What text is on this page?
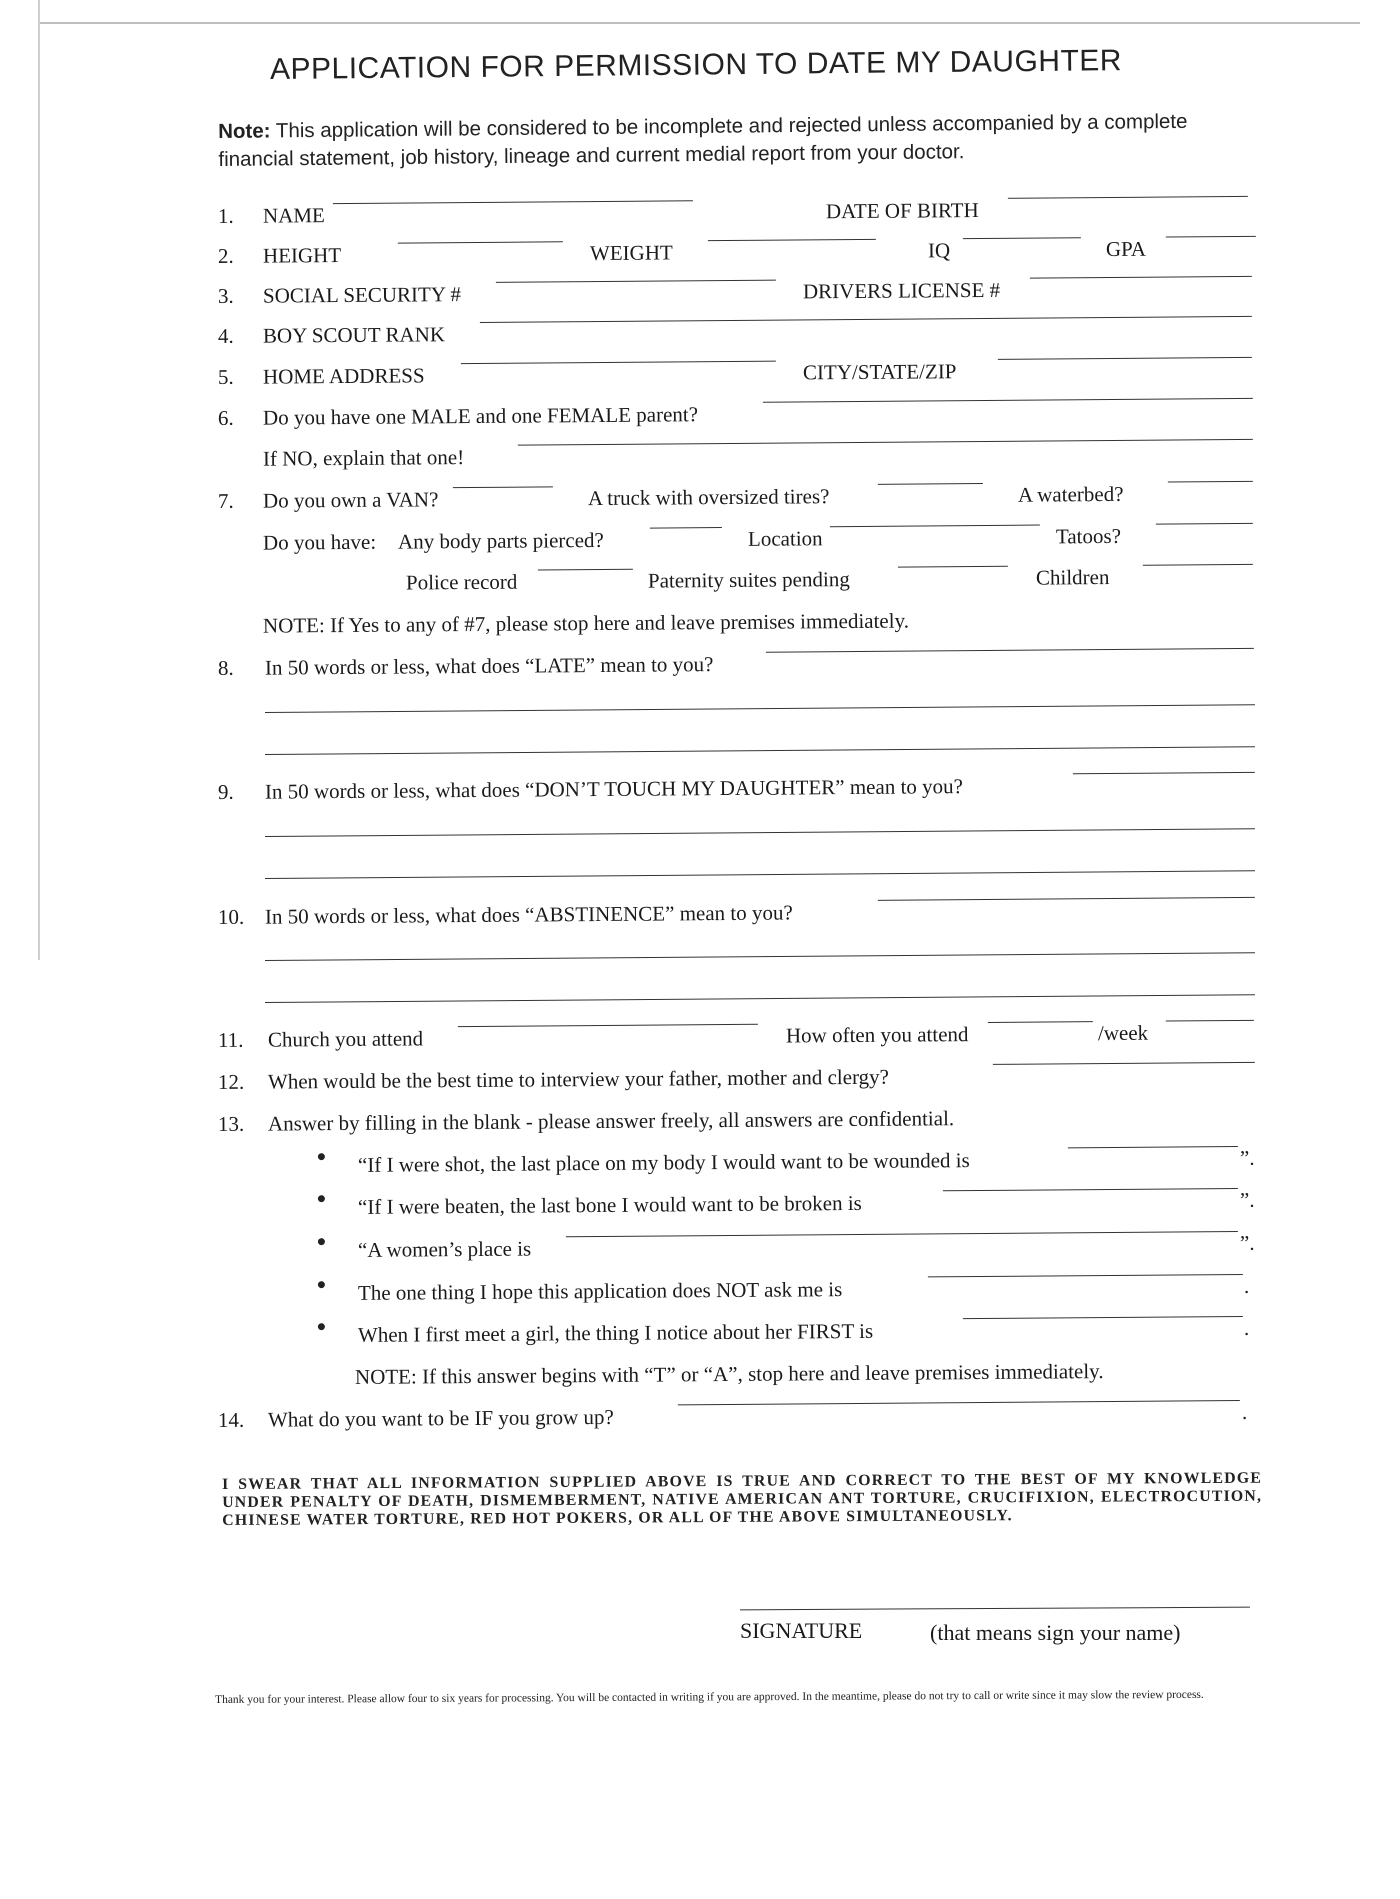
APPLICATION FOR PERMISSION TO DATE MY DAUGHTER
Note: This application will be considered to be incomplete and rejected unless accompanied by a complete financial statement, job history, lineage and current medial report from your doctor.
1. NAME	DATE OF BIRTH
2. HEIGHT	WEIGHT	IQ	GPA
3. SOCIAL SECURITY #	DRIVERS LICENSE #
4. BOY SCOUT RANK
5. HOME ADDRESS	CITY/STATE/ZIP
6. Do you have one MALE and one FEMALE parent?
If NO, explain that one!
7. Do you own a VAN?	A truck with oversized tires?	A waterbed?
Do you have: Any body parts pierced?	Location	Tatoos?
Police record	Paternity suites pending	Children
NOTE: If Yes to any of #7, please stop here and leave premises immediately.
8. In 50 words or less, what does “LATE” mean to you?
9. In 50 words or less, what does “DON’T TOUCH MY DAUGHTER” mean to you?
10. In 50 words or less, what does “ABSTINENCE” mean to you?
11. Church you attend	How often you attend	/week
12. When would be the best time to interview your father, mother and clergy?
13. Answer by filling in the blank - please answer freely, all answers are confidential.
“If I were shot, the last place on my body I would want to be wounded is	”.
“If I were beaten, the last bone I would want to be broken is	”.
“A women’s place is	”.
The one thing I hope this application does NOT ask me is	.
When I first meet a girl, the thing I notice about her FIRST is	.
NOTE: If this answer begins with “T” or “A”, stop here and leave premises immediately.
14. What do you want to be IF you grow up?	.
I SWEAR THAT ALL INFORMATION SUPPLIED ABOVE IS TRUE AND CORRECT TO THE BEST OF MY KNOWLEDGE UNDER PENALTY OF DEATH, DISMEMBERMENT, NATIVE AMERICAN ANT TORTURE, CRUCIFIXION, ELECTROCUTION, CHINESE WATER TORTURE, RED HOT POKERS, OR ALL OF THE ABOVE SIMULTANEOUSLY.
SIGNATURE	(that means sign your name)
Thank you for your interest. Please allow four to six years for processing. You will be contacted in writing if you are approved. In the meantime, please do not try to call or write since it may slow the review process.
